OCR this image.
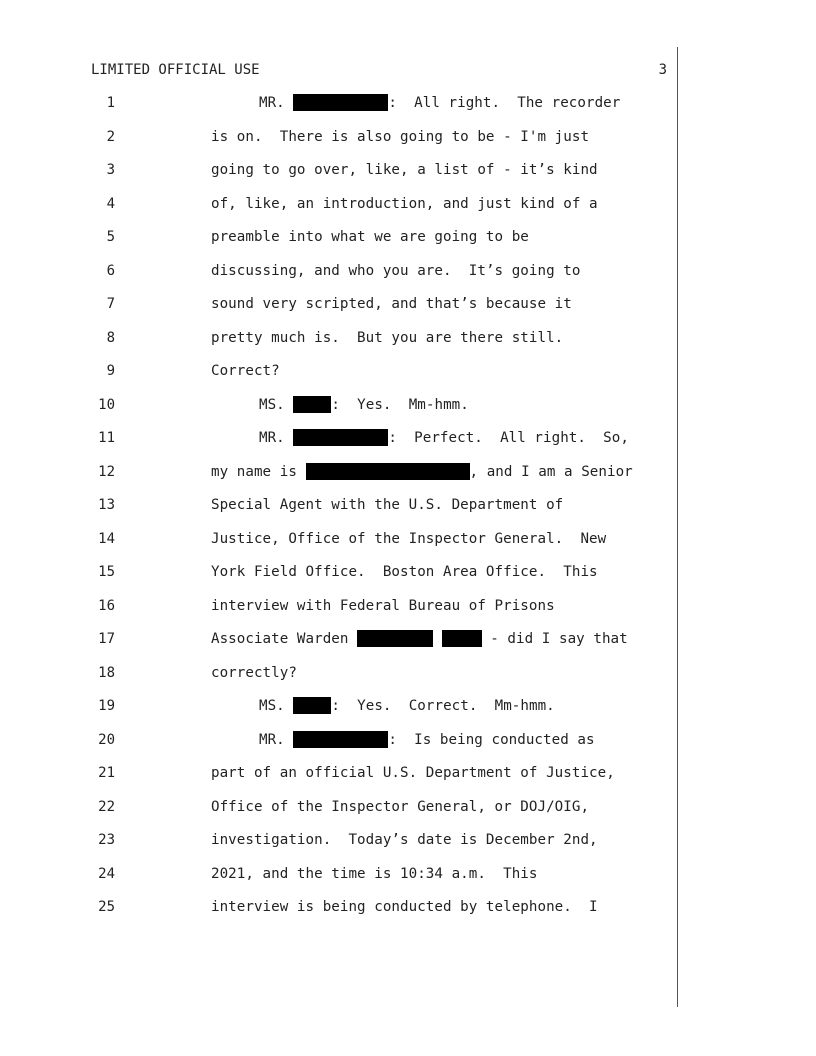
LIMITED OFFICIAL USE	3
1	MR.	:  All right.  The recorder
2	is on.  There is also going to be - I'm just
3	going to go over, like, a list of - it’s kind
4	of, like, an introduction, and just kind of a
5	preamble into what we are going to be
6	discussing, and who you are.  It’s going to
7	sound very scripted, and that’s because it
8	pretty much is.  But you are there still.
9	Correct?
10	MS.	:  Yes.  Mm-hmm.
11	MR.	:  Perfect.  All right.  So,
12	my name is	, and I am a Senior
13	Special Agent with the U.S. Department of
14	Justice, Office of the Inspector General.  New
15	York Field Office.  Boston Area Office.  This
16	interview with Federal Bureau of Prisons
17	Associate Warden	- did I say that
18	correctly?
19	MS.	:  Yes.  Correct.  Mm-hmm.
20	MR.	:  Is being conducted as
21	part of an official U.S. Department of Justice,
22	Office of the Inspector General, or DOJ/OIG,
23	investigation.  Today’s date is December 2nd,
24	2021, and the time is 10:34 a.m.  This
25	interview is being conducted by telephone.  I
